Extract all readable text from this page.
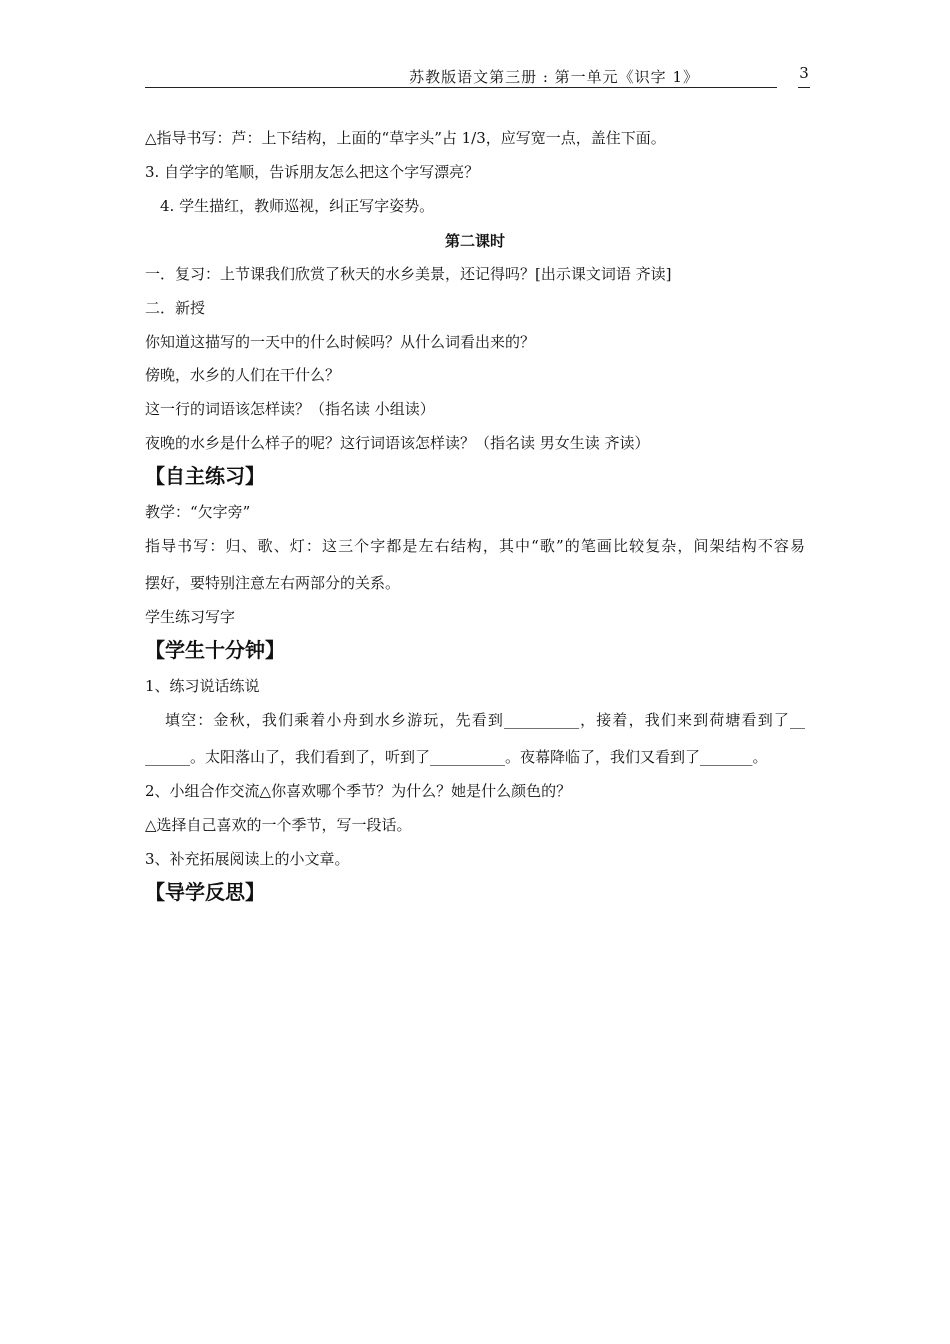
苏教版语文第三册 : 第一单元《识字 1》	3
△指导书写：芦：上下结构，上面的“草字头”占 1/3，应写宽一点，盖住下面。
3. 自学字的笔顺，告诉朋友怎么把这个字写漂亮？
4. 学生描红，教师巡视，纠正写字姿势。
第二课时
一．复习：上节课我们欣赏了秋天的水乡美景，还记得吗？[出示课文词语 齐读]
二．新授
你知道这描写的一天中的什么时候吗？从什么词看出来的？
傍晚，水乡的人们在干什么？
这一行的词语该怎样读？（指名读 小组读）
夜晚的水乡是什么样子的呢？这行词语该怎样读？（指名读 男女生读 齐读）
【自主练习】
教学：“欠字旁”
指导书写：归、歌、灯：这三个字都是左右结构，其中“歌”的笔画比较复杂，间架结构不容易
摆好，要特别注意左右两部分的关系。
学生练习写字
【学生十分钟】
1、练习说话练说
填空：金秋，我们乘着小舟到水乡游玩，先看到__________，接着，我们来到荷塘看到了__
______。太阳落山了，我们看到了，听到了__________。夜幕降临了，我们又看到了_______。
2、小组合作交流△你喜欢哪个季节？为什么？她是什么颜色的？
△选择自己喜欢的一个季节，写一段话。
3、补充拓展阅读上的小文章。
【导学反思】
